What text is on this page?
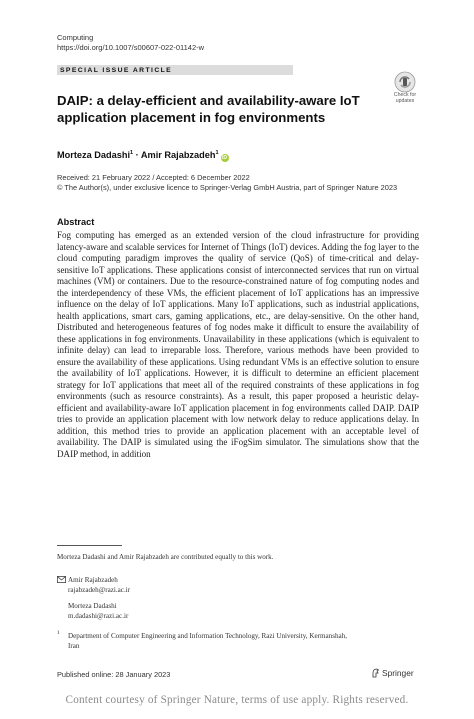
Computing
https://doi.org/10.1007/s00607-022-01142-w
SPECIAL ISSUE ARTICLE
Check for
updates
DAIP: a delay-efficient and availability-aware IoT application placement in fog environments
Morteza Dadashi$^1$ · Amir Rajabzadeh$^1$iD
Received: 21 February 2022 / Accepted: 6 December 2022
© The Author(s), under exclusive licence to Springer-Verlag GmbH Austria, part of Springer Nature 2023
Abstract
Fog computing has emerged as an extended version of the cloud infrastructure for providing latency-aware and scalable services for Internet of Things (IoT) devices. Adding the fog layer to the cloud computing paradigm improves the quality of service (QoS) of time-critical and delay-sensitive IoT applications. These applications consist of interconnected services that run on virtual machines (VM) or containers. Due to the resource-constrained nature of fog computing nodes and the interdependency of these VMs, the efficient placement of IoT applications has an impressive influence on the delay of IoT applications. Many IoT applications, such as industrial applications, health applications, smart cars, gaming applications, etc., are delay-sensitive. On the other hand, Distributed and heterogeneous features of fog nodes make it difficult to ensure the availability of these applications in fog environments. Unavailability in these applications (which is equivalent to infinite delay) can lead to irreparable loss. Therefore, various methods have been provided to ensure the availability of these applications. Using redundant VMs is an effective solution to ensure the availability of IoT applications. However, it is difficult to determine an efficient placement strategy for IoT applications that meet all of the required constraints of these applications in fog environments (such as resource constraints). As a result, this paper proposed a heuristic delay-efficient and availability-aware IoT application placement in fog environments called DAIP. DAIP tries to provide an application placement with low network delay to reduce applications delay. In addition, this method tries to provide an application placement with an acceptable level of availability. The DAIP is simulated using the iFogSim simulator. The simulations show that the DAIP method, in addition
Morteza Dadashi and Amir Rajabzadeh are contributed equally to this work.
Amir Rajabzadeh
rajabzadeh@razi.ac.ir
Morteza Dadashi
m.dadashi@razi.ac.ir
1 Department of Computer Engineering and Information Technology, Razi University, Kermanshah,
Iran
Published online: 28 January 2023	Springer
Content courtesy of Springer Nature, terms of use apply. Rights reserved.
